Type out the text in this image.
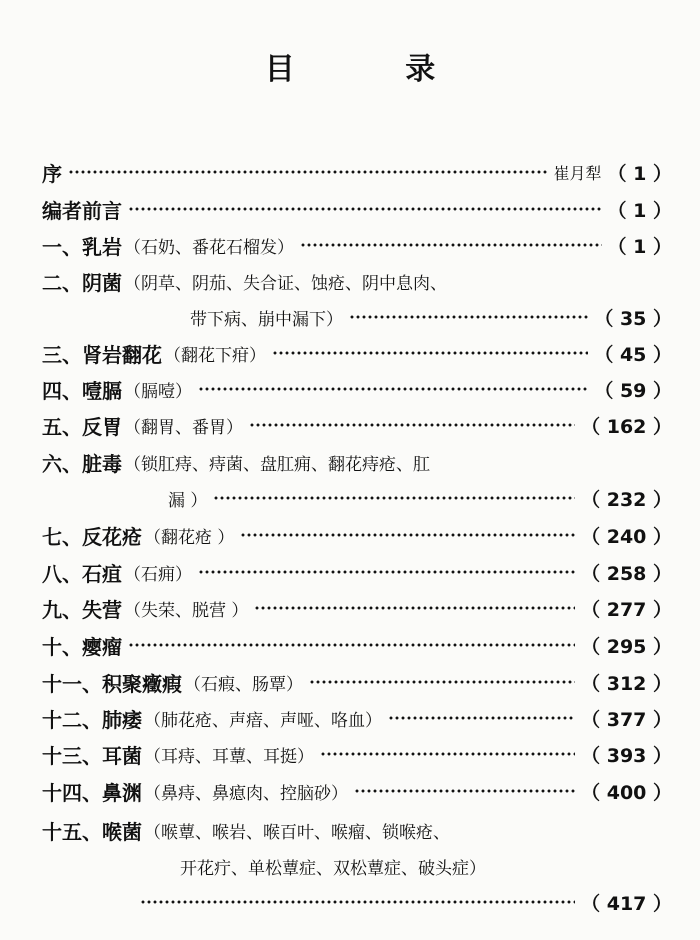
目 录
序	崔月犁 （ 1 ）
编者前言	（ 1 ）
一、乳岩 （石奶、番花石榴发）	（ 1 ）
二、阴菌 （阴草、阴茄、失合证、蚀疮、阴中息肉、
带下病、崩中漏下）	（ 35 ）
三、肾岩翻花 （翻花下疳）	（ 45 ）
四、噎膈 （膈噎）	（ 59 ）
五、反胃 （翻胃、番胃）	（ 162 ）
六、脏毒 （锁肛痔、痔菌、盘肛痈、翻花痔疮、肛
漏 ）	（ 232 ）
七、反花疮 （翻花疮 ）	（ 240 ）
八、石疽 （石痈）	（ 258 ）
九、失营 （失荣、脱营 ）	（ 277 ）
十、瘿瘤	（ 295 ）
十一、积聚癥瘕 （石瘕、肠覃）	（ 312 ）
十二、肺痿 （肺花疮、声瘖、声哑、咯血）	（ 377 ）
十三、耳菌 （耳痔、耳蕈、耳挺）	（ 393 ）
十四、鼻渊 （鼻痔、鼻瘜肉、控脑砂）	（ 400 ）
十五、喉菌 （喉蕈、喉岩、喉百叶、喉瘤、锁喉疮、
开花疔、单松蕈症、双松蕈症、破头症）
（ 417 ）
